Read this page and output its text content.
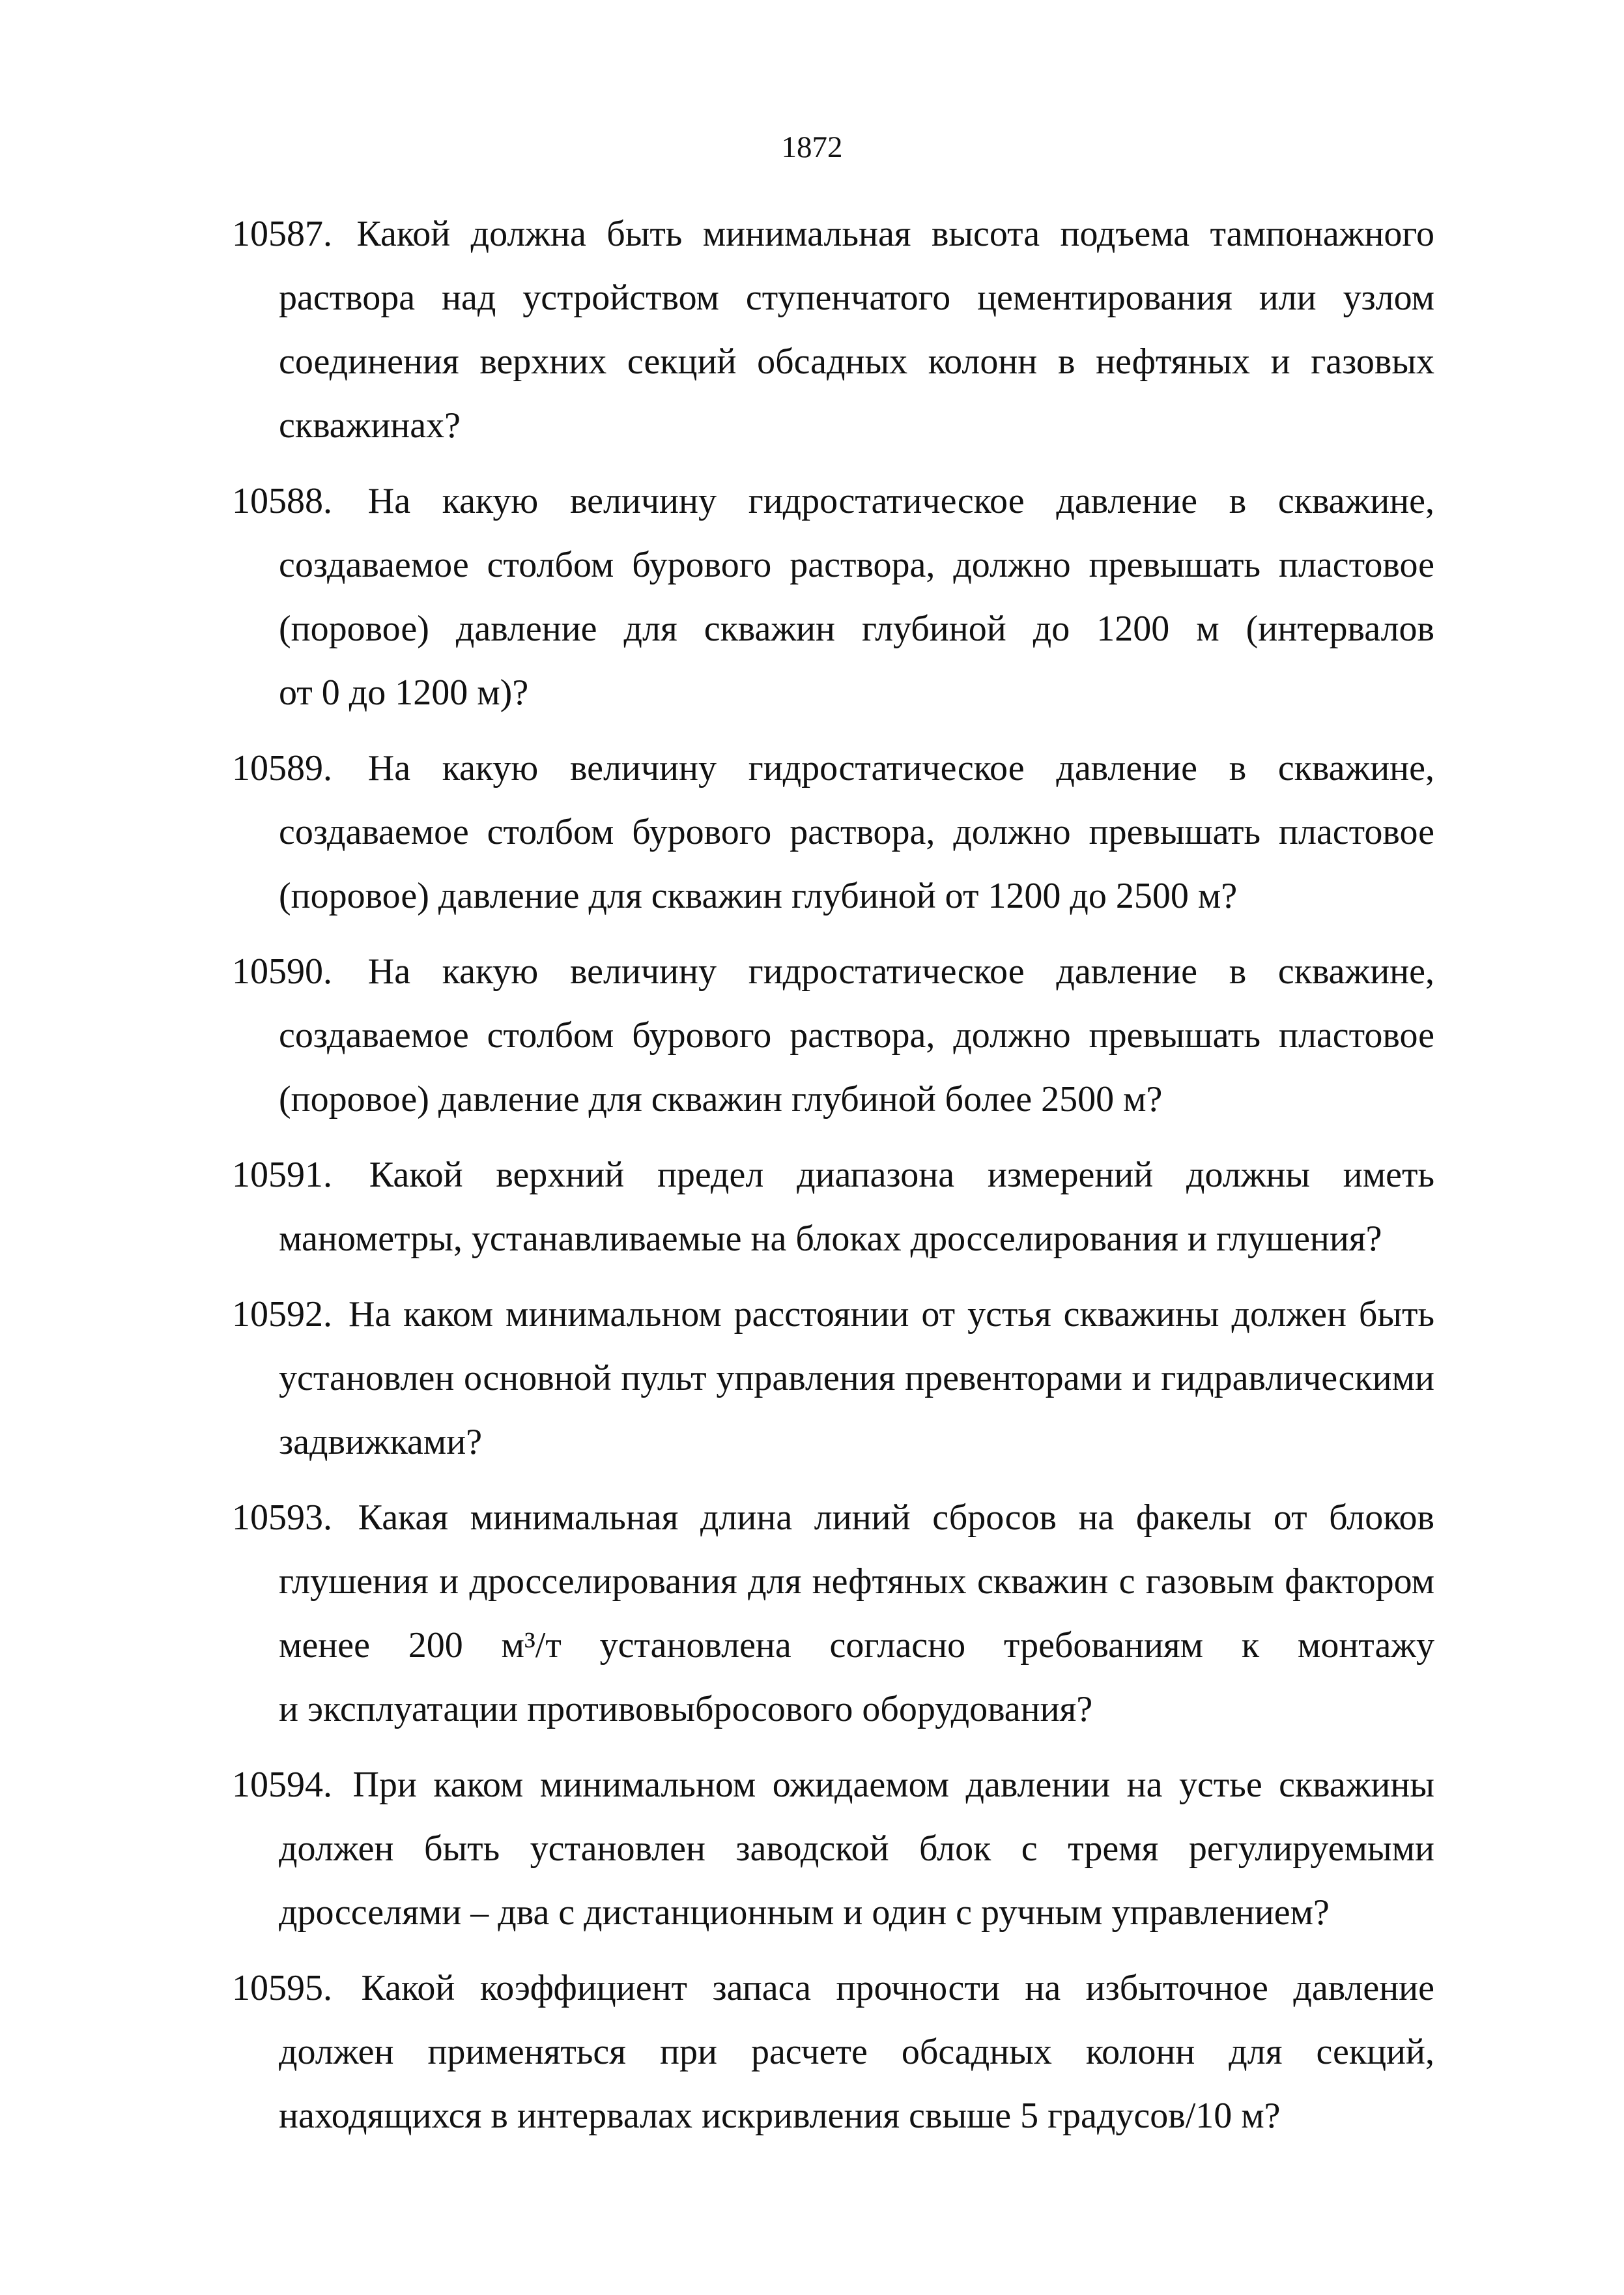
1872
10587. Какой должна быть минимальная высота подъема тампонажного
раствора над устройством ступенчатого цементирования или узлом
соединения верхних секций обсадных колонн в нефтяных и газовых
скважинах?
10588. На какую величину гидростатическое давление в скважине,
создаваемое столбом бурового раствора, должно превышать пластовое
(поровое) давление для скважин глубиной до 1200 м (интервалов
от 0 до 1200 м)?
10589. На какую величину гидростатическое давление в скважине,
создаваемое столбом бурового раствора, должно превышать пластовое
(поровое) давление для скважин глубиной от 1200 до 2500 м?
10590. На какую величину гидростатическое давление в скважине,
создаваемое столбом бурового раствора, должно превышать пластовое
(поровое) давление для скважин глубиной более 2500 м?
10591. Какой верхний предел диапазона измерений должны иметь
манометры, устанавливаемые на блоках дросселирования и глушения?
10592. На каком минимальном расстоянии от устья скважины должен быть
установлен основной пульт управления превенторами и гидравлическими
задвижками?
10593. Какая минимальная длина линий сбросов на факелы от блоков
глушения и дросселирования для нефтяных скважин с газовым фактором
менее 200 м³/т установлена согласно требованиям к монтажу
и эксплуатации противовыбросового оборудования?
10594. При каком минимальном ожидаемом давлении на устье скважины
должен быть установлен заводской блок с тремя регулируемыми
дросселями – два с дистанционным и один с ручным управлением?
10595. Какой коэффициент запаса прочности на избыточное давление
должен применяться при расчете обсадных колонн для секций,
находящихся в интервалах искривления свыше 5 градусов/10 м?
